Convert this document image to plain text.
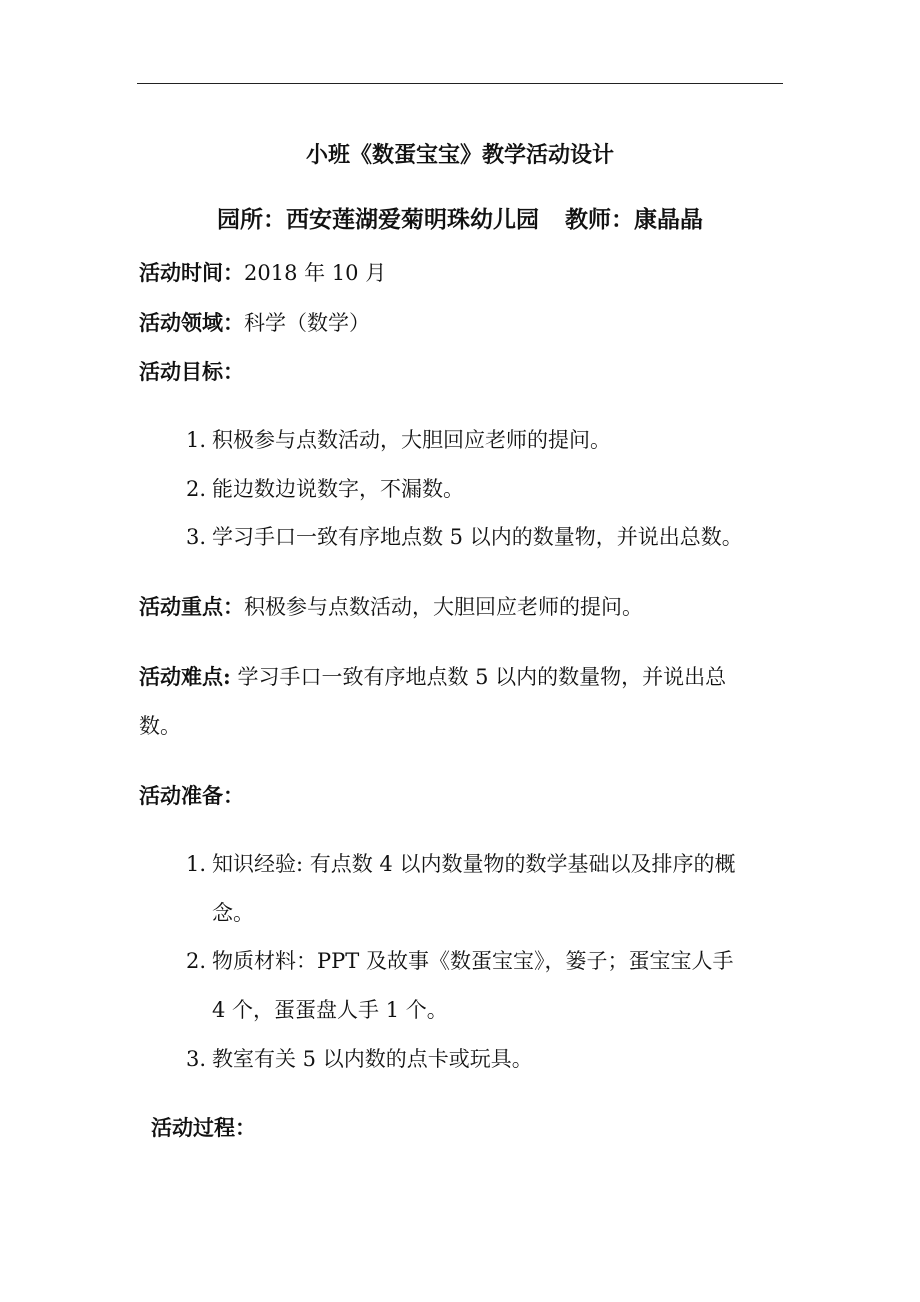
小班《数蛋宝宝》教学活动设计
园所：西安莲湖爱菊明珠幼儿园 教师：康晶晶
活动时间：2018 年 10 月
活动领域：科学（数学）
活动目标：
1. 积极参与点数活动，大胆回应老师的提问。
2. 能边数边说数字，不漏数。
3. 学习手口一致有序地点数 5 以内的数量物，并说出总数。
活动重点：积极参与点数活动，大胆回应老师的提问。
活动难点: 学习手口一致有序地点数 5 以内的数量物，并说出总
数。
活动准备：
1. 知识经验: 有点数 4 以内数量物的数学基础以及排序的概
念。
2. 物质材料：PPT 及故事《数蛋宝宝》，篓子；蛋宝宝人手
4 个，蛋蛋盘人手 1 个。
3. 教室有关 5 以内数的点卡或玩具。
活动过程：
